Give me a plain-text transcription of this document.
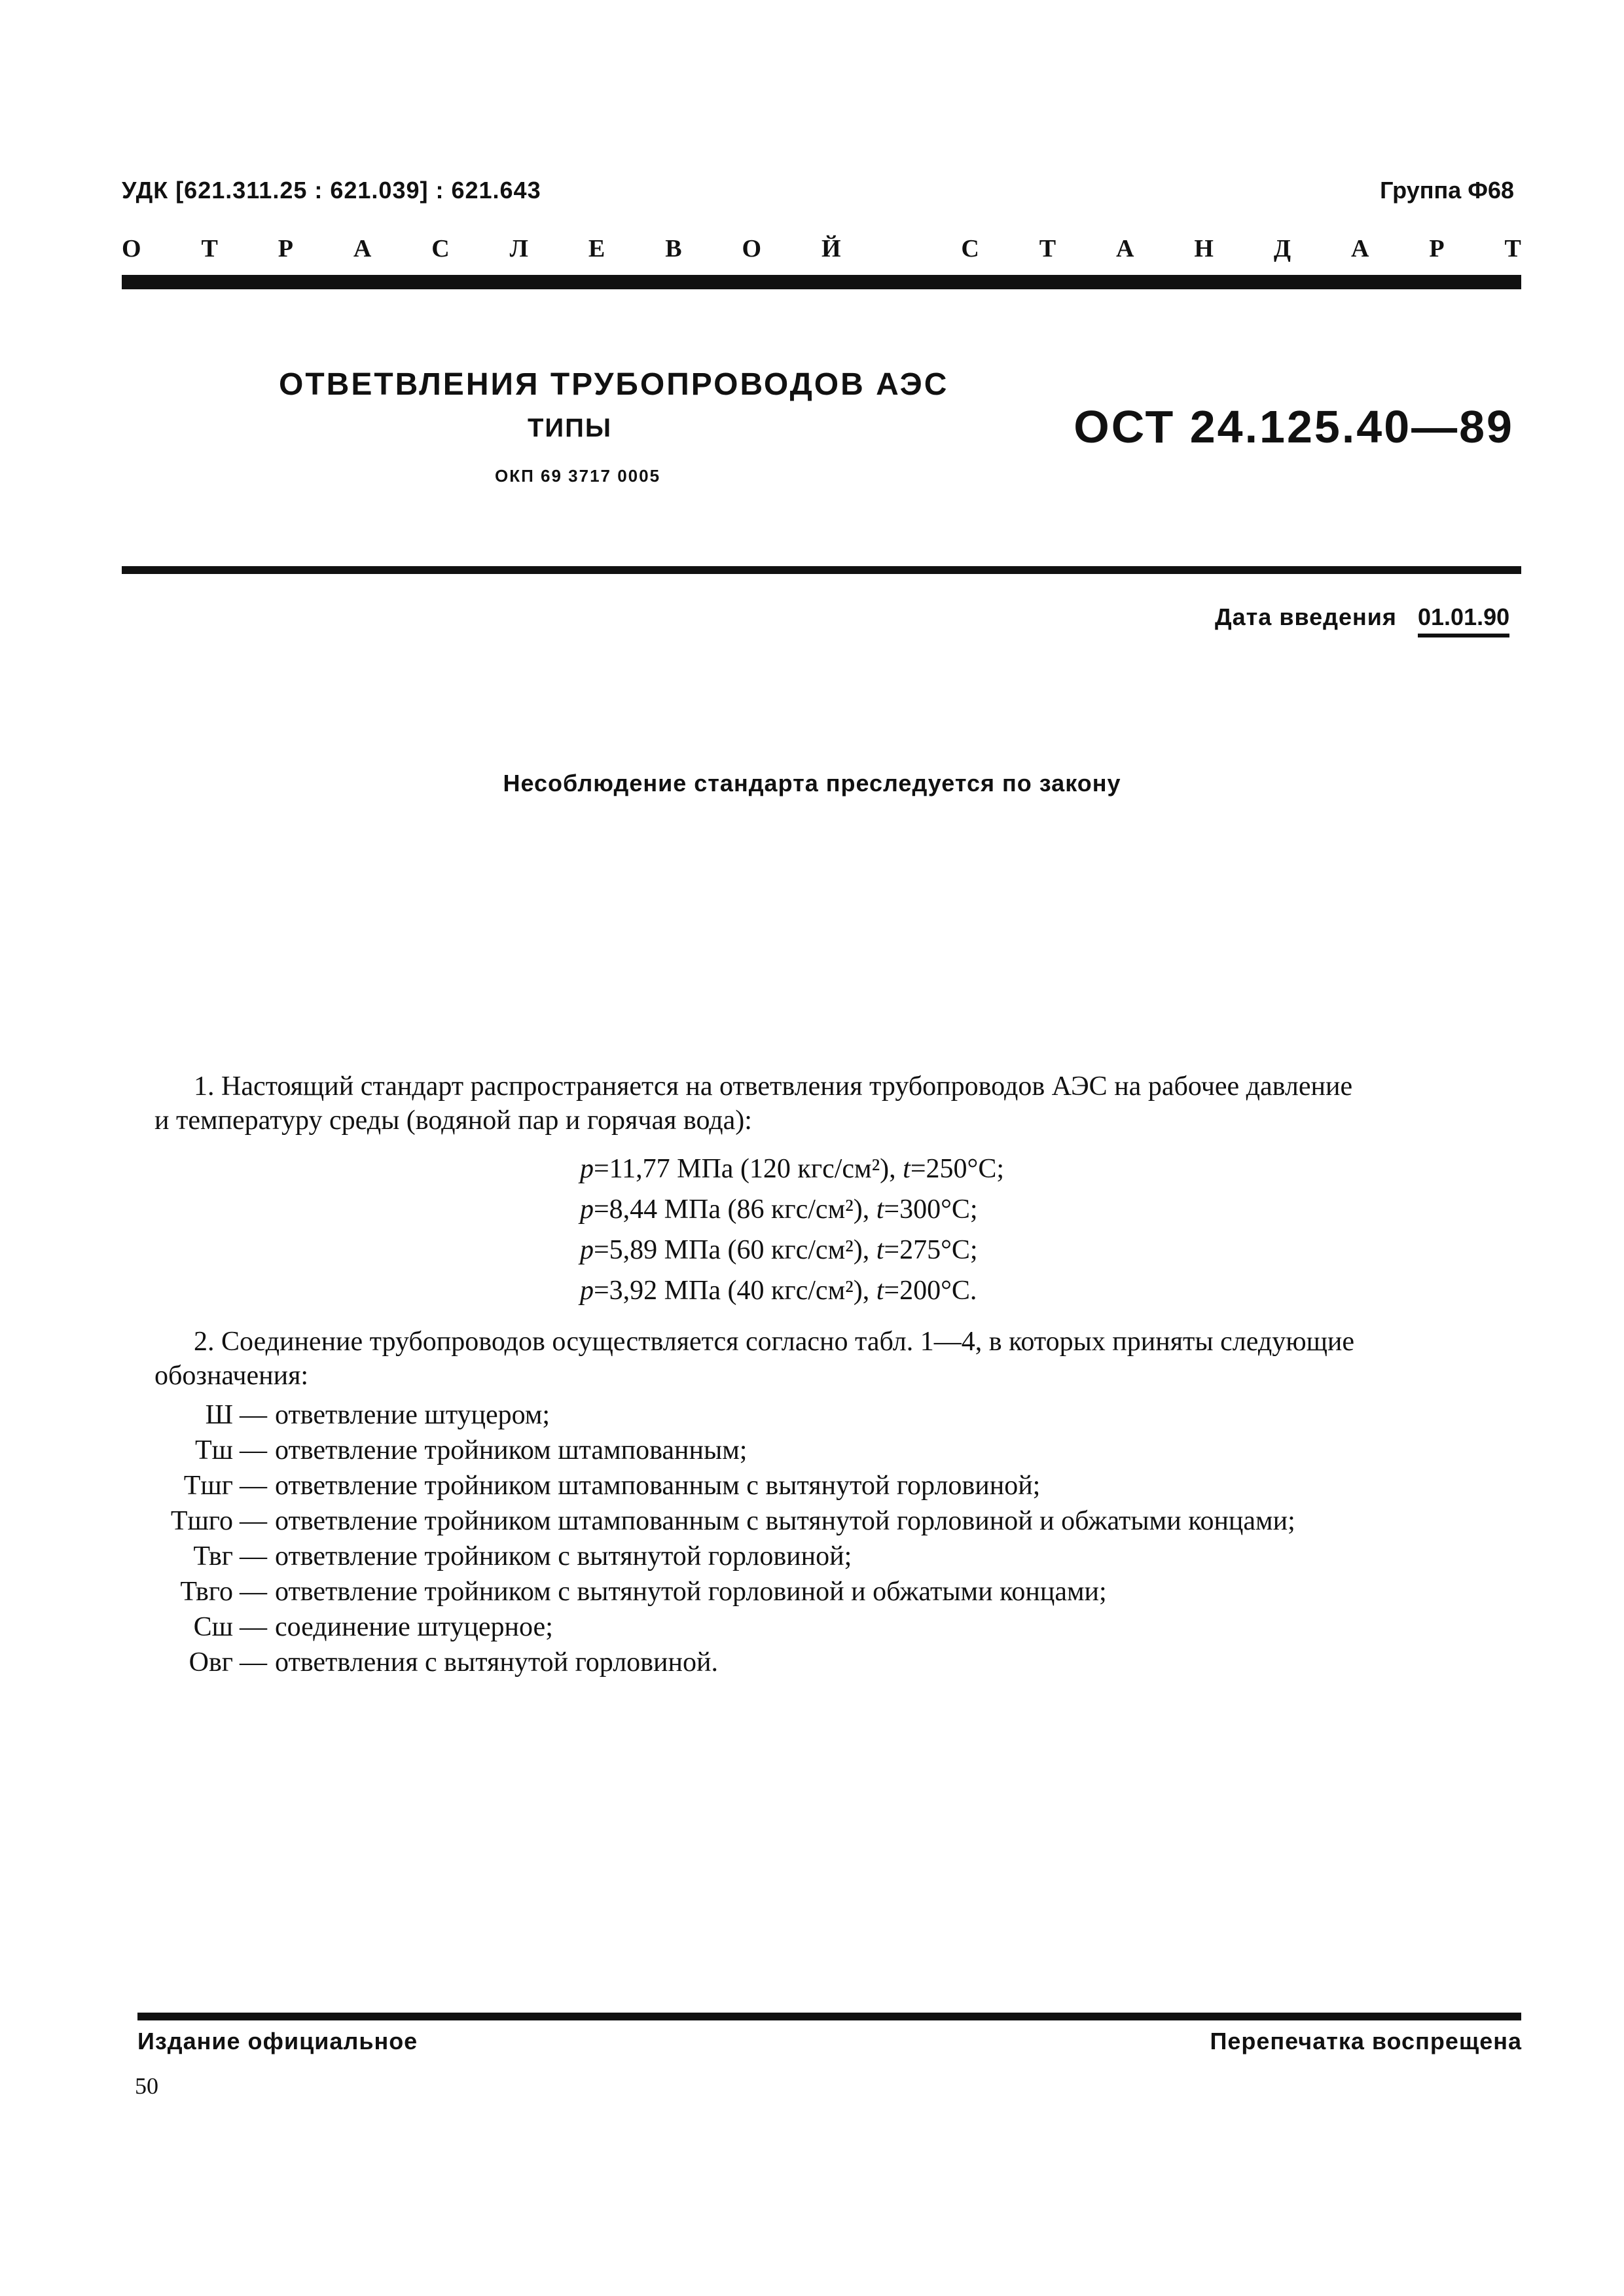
УДК [621.311.25 : 621.039] : 621.643	Группа Ф68
О Т Р А С Л Е В О Й	С Т А Н Д А Р Т
ОТВЕТВЛЕНИЯ ТРУБОПРОВОДОВ АЭС
ТИПЫ
ОКП 69 3717 0005
ОСТ 24.125.40—89
Дата введения 01.01.90
Несоблюдение стандарта преследуется по закону
1. Настоящий стандарт распространяется на ответвления трубопроводов АЭС на рабочее давление
и температуру среды (водяной пар и горячая вода):
p=11,77 МПа (120 кгс/см²), t=250°C;
p=8,44 МПа (86 кгс/см²), t=300°C;
p=5,89 МПа (60 кгс/см²), t=275°C;
p=3,92 МПа (40 кгс/см²), t=200°C.
2. Соединение трубопроводов осуществляется согласно табл. 1—4, в которых приняты следующие
обозначения:
Ш — ответвление штуцером;
Тш — ответвление тройником штампованным;
Тшг — ответвление тройником штампованным с вытянутой горловиной;
Тшго — ответвление тройником штампованным с вытянутой горловиной и обжатыми концами;
Твг — ответвление тройником с вытянутой горловиной;
Твго — ответвление тройником с вытянутой горловиной и обжатыми концами;
Сш — соединение штуцерное;
Овг — ответвления с вытянутой горловиной.
Издание официальное	Перепечатка воспрещена
50
